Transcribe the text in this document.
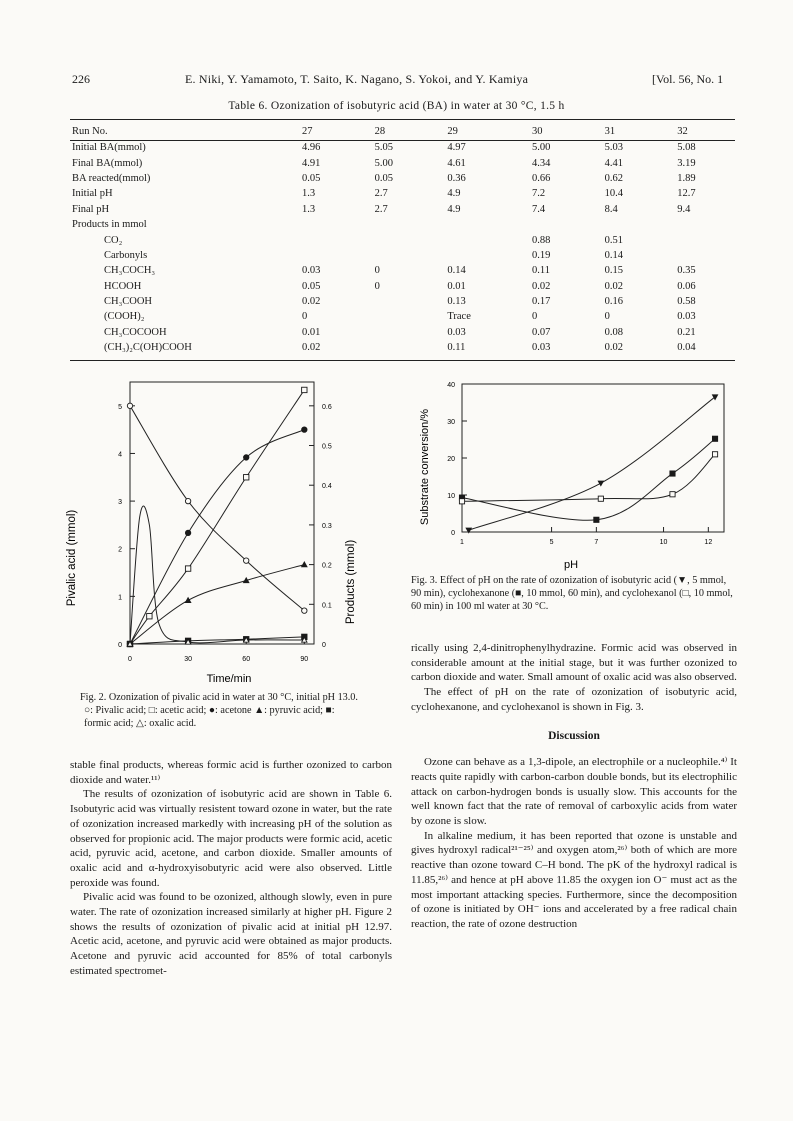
226	E. Niki, Y. Yamamoto, T. Saito, K. Nagano, S. Yokoi, and Y. Kamiya	[Vol. 56, No. 1
Table 6. Ozonization of isobutyric acid (BA) in water at 30 °C, 1.5 h
Run No.	27	28	29	30	31	32
Initial BA(mmol)	4.96	5.05	4.97	5.00	5.03	5.08
Final BA(mmol)	4.91	5.00	4.61	4.34	4.41	3.19
BA reacted(mmol)	0.05	0.05	0.36	0.66	0.62	1.89
Initial pH	1.3	2.7	4.9	7.2	10.4	12.7
Final pH	1.3	2.7	4.9	7.4	8.4	9.4
Products in mmol						
CO₂				0.88	0.51	
Carbonyls				0.19	0.14	
CH₃COCH₃	0.03	0	0.14	0.11	0.15	0.35
HCOOH	0.05	0	0.01	0.02	0.02	0.06
CH₃COOH	0.02		0.13	0.17	0.16	0.58
(COOH)₂	0		Trace	0	0	0.03
CH₃COCOOH	0.01		0.03	0.07	0.08	0.21
(CH₃)₂C(OH)COOH	0.02		0.11	0.03	0.02	0.04
5
4
3
2
1
0
0.6
0.5
0.4
0.3
0.2
0.1
0
0	30	60	90
Pivalic acid (mmol)	Products (mmol)
Time/min
Fig. 2. Ozonization of pivalic acid in water at 30 °C, initial pH 13.0.
○: Pivalic acid; □: acetic acid; ●: acetone ▲: pyruvic acid; ■: formic acid; △: oxalic acid.
40
30
20
10
0
1	5	7	10	12
Substrate conversion/%
pH
Fig. 3. Effect of pH on the rate of ozonization of isobutyric acid (▼, 5 mmol, 90 min), cyclohexanone (■, 10 mmol, 60 min), and cyclohexanol (□, 10 mmol, 60 min) in 100 ml water at 30 °C.

stable final products, whereas formic acid is further ozonized to carbon dioxide and water.¹¹⁾

The results of ozonization of isobutyric acid are shown in Table 6. Isobutyric acid was virtually resistent toward ozone in water, but the rate of ozonization increased markedly with increasing pH of the solution as observed for propionic acid. The major products were formic acid, acetic acid, pyruvic acid, acetone, and carbon dioxide. Smaller amounts of oxalic acid and α-hydroxyisobutyric acid were also observed. Little peroxide was found.

Pivalic acid was found to be ozonized, although slowly, even in pure water. The rate of ozonization increased similarly at higher pH. Figure 2 shows the results of ozonization of pivalic acid at initial pH 12.97. Acetic acid, acetone, and pyruvic acid were obtained as major products. Acetone and pyruvic acid accounted for 85% of total carbonyls estimated spectromet-

rically using 2,4-dinitrophenylhydrazine. Formic acid was observed in considerable amount at the initial stage, but it was further ozonized to carbon dioxide and water. Small amount of oxalic acid was also observed.

The effect of pH on the rate of ozonization of isobutyric acid, cyclohexanone, and cyclohexanol is shown in Fig. 3.

Discussion

Ozone can behave as a 1,3-dipole, an electrophile or a nucleophile.⁴⁾ It reacts quite rapidly with carbon-carbon double bonds, but its electrophilic attack on carbon-hydrogen bonds is usually slow. This accounts for the well known fact that the rate of removal of carboxylic acids from water by ozone is slow.

In alkaline medium, it has been reported that ozone is unstable and gives hydroxyl radical²¹⁻²⁵⁾ and oxygen atom,²⁶⁾ both of which are more reactive than ozone toward C–H bond. The pK of the hydroxyl radical is 11.85,²⁶⁾ and hence at pH above 11.85 the oxygen ion O⁻ must act as the most important attacking species. Furthermore, since the decomposition of ozone is initiated by OH⁻ ions and accelerated by a free radical chain reaction, the rate of ozone destruction
